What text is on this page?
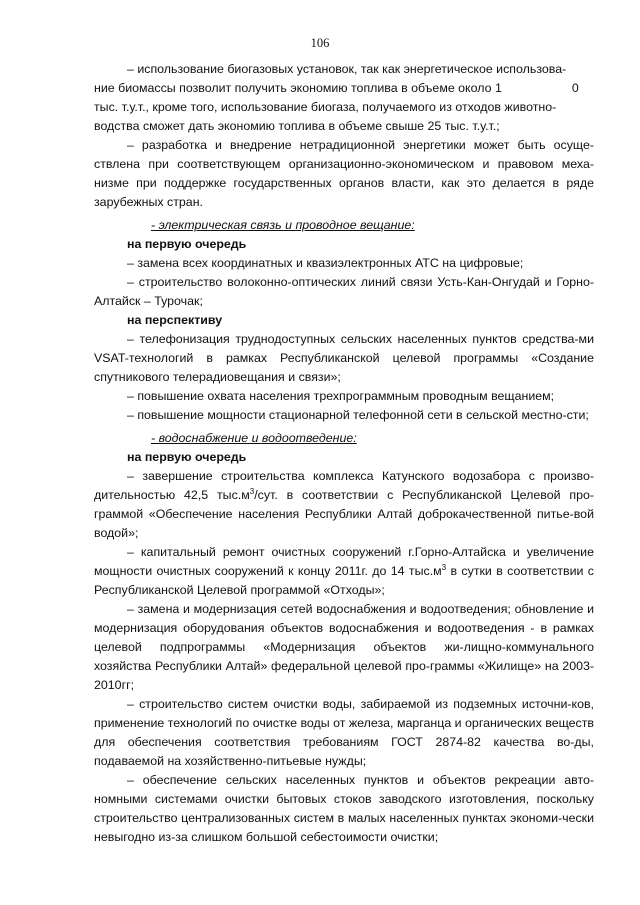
106

– использование биогазовых установок, так как энергетическое использова-
ние биомассы позволит получить экономию топлива в объеме около 1	0
тыс. т.у.т., кроме того, использование биогаза, получаемого из отходов животно-
водства сможет дать экономию топлива в объеме свыше 25 тыс. т.у.т.;

– разработка и внедрение нетрадиционной энергетики может быть осуще-ствлена при соответствующем организационно-экономическом и правовом меха-низме при поддержке государственных органов власти, как это делается в ряде зарубежных стран.

- электрическая связь и проводное вещание:

на первую очередь

– замена всех координатных и квазиэлектронных АТС на цифровые;

– строительство волоконно-оптических линий связи Усть-Кан-Онгудай и Горно-Алтайск – Турочак;

на перспективу

– телефонизация труднодоступных сельских населенных пунктов средства-ми VSAT-технологий в рамках Республиканской целевой программы «Создание спутникового телерадиовещания и связи»;

– повышение охвата населения трехпрограммным проводным вещанием;

– повышение мощности стационарной телефонной сети в сельской местно-сти;

- водоснабжение и водоотведение:

на первую очередь

– завершение строительства комплекса Катунского водозабора с произво-дительностью 42,5 $тыс.м^3$/сут. в соответствии с Республиканской Целевой про-граммой «Обеспечение населения Республики Алтай доброкачественной питье-вой водой»;

– капитальный ремонт очистных сооружений г.Горно-Алтайска и увеличение мощности очистных сооружений к концу 2011г. до 14 $тыс.м^3$ в сутки в соответствии с Республиканской Целевой программой «Отходы»;

– замена и модернизация сетей водоснабжения и водоотведения; обновление и модернизация оборудования объектов водоснабжения и водоотведения - в рамках целевой подпрограммы «Модернизация объектов жи-лищно-коммунального хозяйства Республики Алтай» федеральной целевой про-граммы «Жилище» на 2003-2010гг;

– строительство систем очистки воды, забираемой из подземных источни-ков, применение технологий по очистке воды от железа, марганца и органических веществ для обеспечения соответствия требованиям ГОСТ 2874-82 качества во-ды, подаваемой на хозяйственно-питьевые нужды;

– обеспечение сельских населенных пунктов и объектов рекреации авто-номными системами очистки бытовых стоков заводского изготовления, поскольку строительство централизованных систем в малых населенных пунктах экономи-чески невыгодно из-за слишком большой себестоимости очистки;
